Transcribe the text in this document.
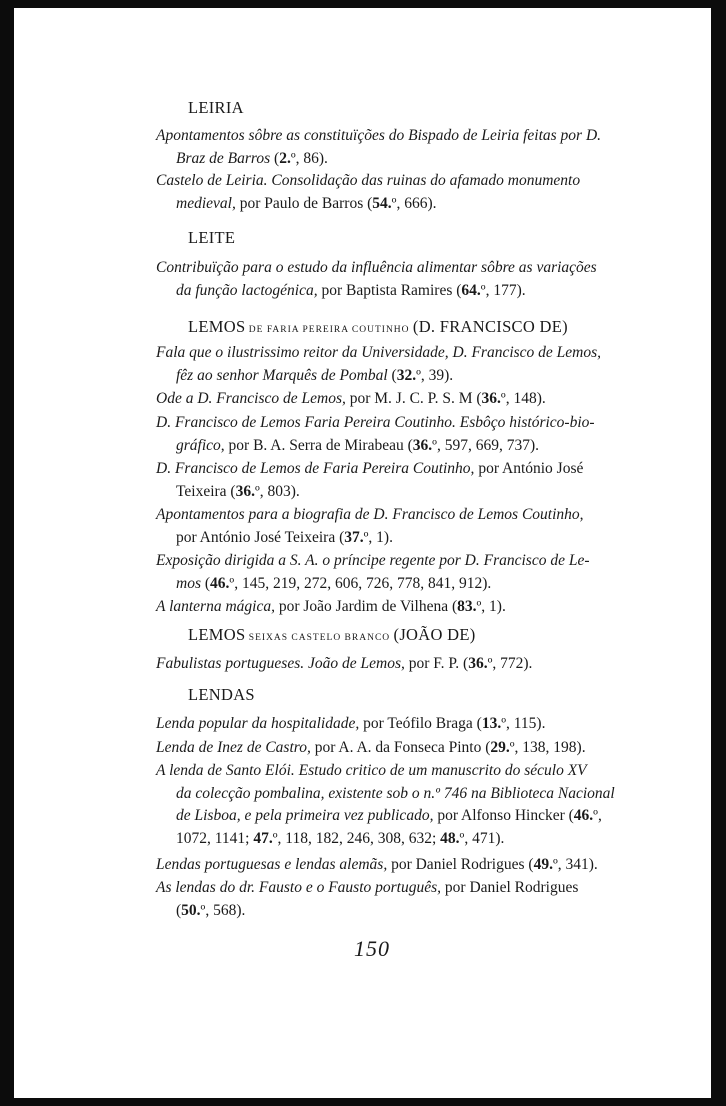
LEIRIA
Apontamentos sôbre as constituïções do Bispado de Leiria feitas por D.
Braz de Barros (2.º, 86).
Castelo de Leiria. Consolidação das ruinas do afamado monumento
medieval, por Paulo de Barros (54.º, 666).
LEITE
Contribuïção para o estudo da influência alimentar sôbre as variações
da função lactogénica, por Baptista Ramires (64.º, 177).
LEMOS DE FARIA PEREIRA COUTINHO (D. FRANCISCO DE)
Fala que o ilustrissimo reitor da Universidade, D. Francisco de Lemos,
fêz ao senhor Marquês de Pombal (32.º, 39).
Ode a D. Francisco de Lemos, por M. J. C. P. S. M (36.º, 148).
D. Francisco de Lemos Faria Pereira Coutinho. Esbôço histórico-bio-
gráfico, por B. A. Serra de Mirabeau (36.º, 597, 669, 737).
D. Francisco de Lemos de Faria Pereira Coutinho, por António José
Teixeira (36.º, 803).
Apontamentos para a biografia de D. Francisco de Lemos Coutinho,
por António José Teixeira (37.º, 1).
Exposição dirigida a S. A. o príncipe regente por D. Francisco de Le-
mos (46.º, 145, 219, 272, 606, 726, 778, 841, 912).
A lanterna mágica, por João Jardim de Vilhena (83.º, 1).
LEMOS SEIXAS CASTELO BRANCO (JOÃO DE)
Fabulistas portugueses. João de Lemos, por F. P. (36.º, 772).
LENDAS
Lenda popular da hospitalidade, por Teófilo Braga (13.º, 115).
Lenda de Inez de Castro, por A. A. da Fonseca Pinto (29.º, 138, 198).
A lenda de Santo Elói. Estudo critico de um manuscrito do século XV
da colecção pombalina, existente sob o n.º 746 na Biblioteca Nacional
de Lisboa, e pela primeira vez publicado, por Alfonso Hincker (46.º,
1072, 1141; 47.º, 118, 182, 246, 308, 632; 48.º, 471).
Lendas portuguesas e lendas alemãs, por Daniel Rodrigues (49.º, 341).
As lendas do dr. Fausto e o Fausto português, por Daniel Rodrigues
(50.º, 568).
150
